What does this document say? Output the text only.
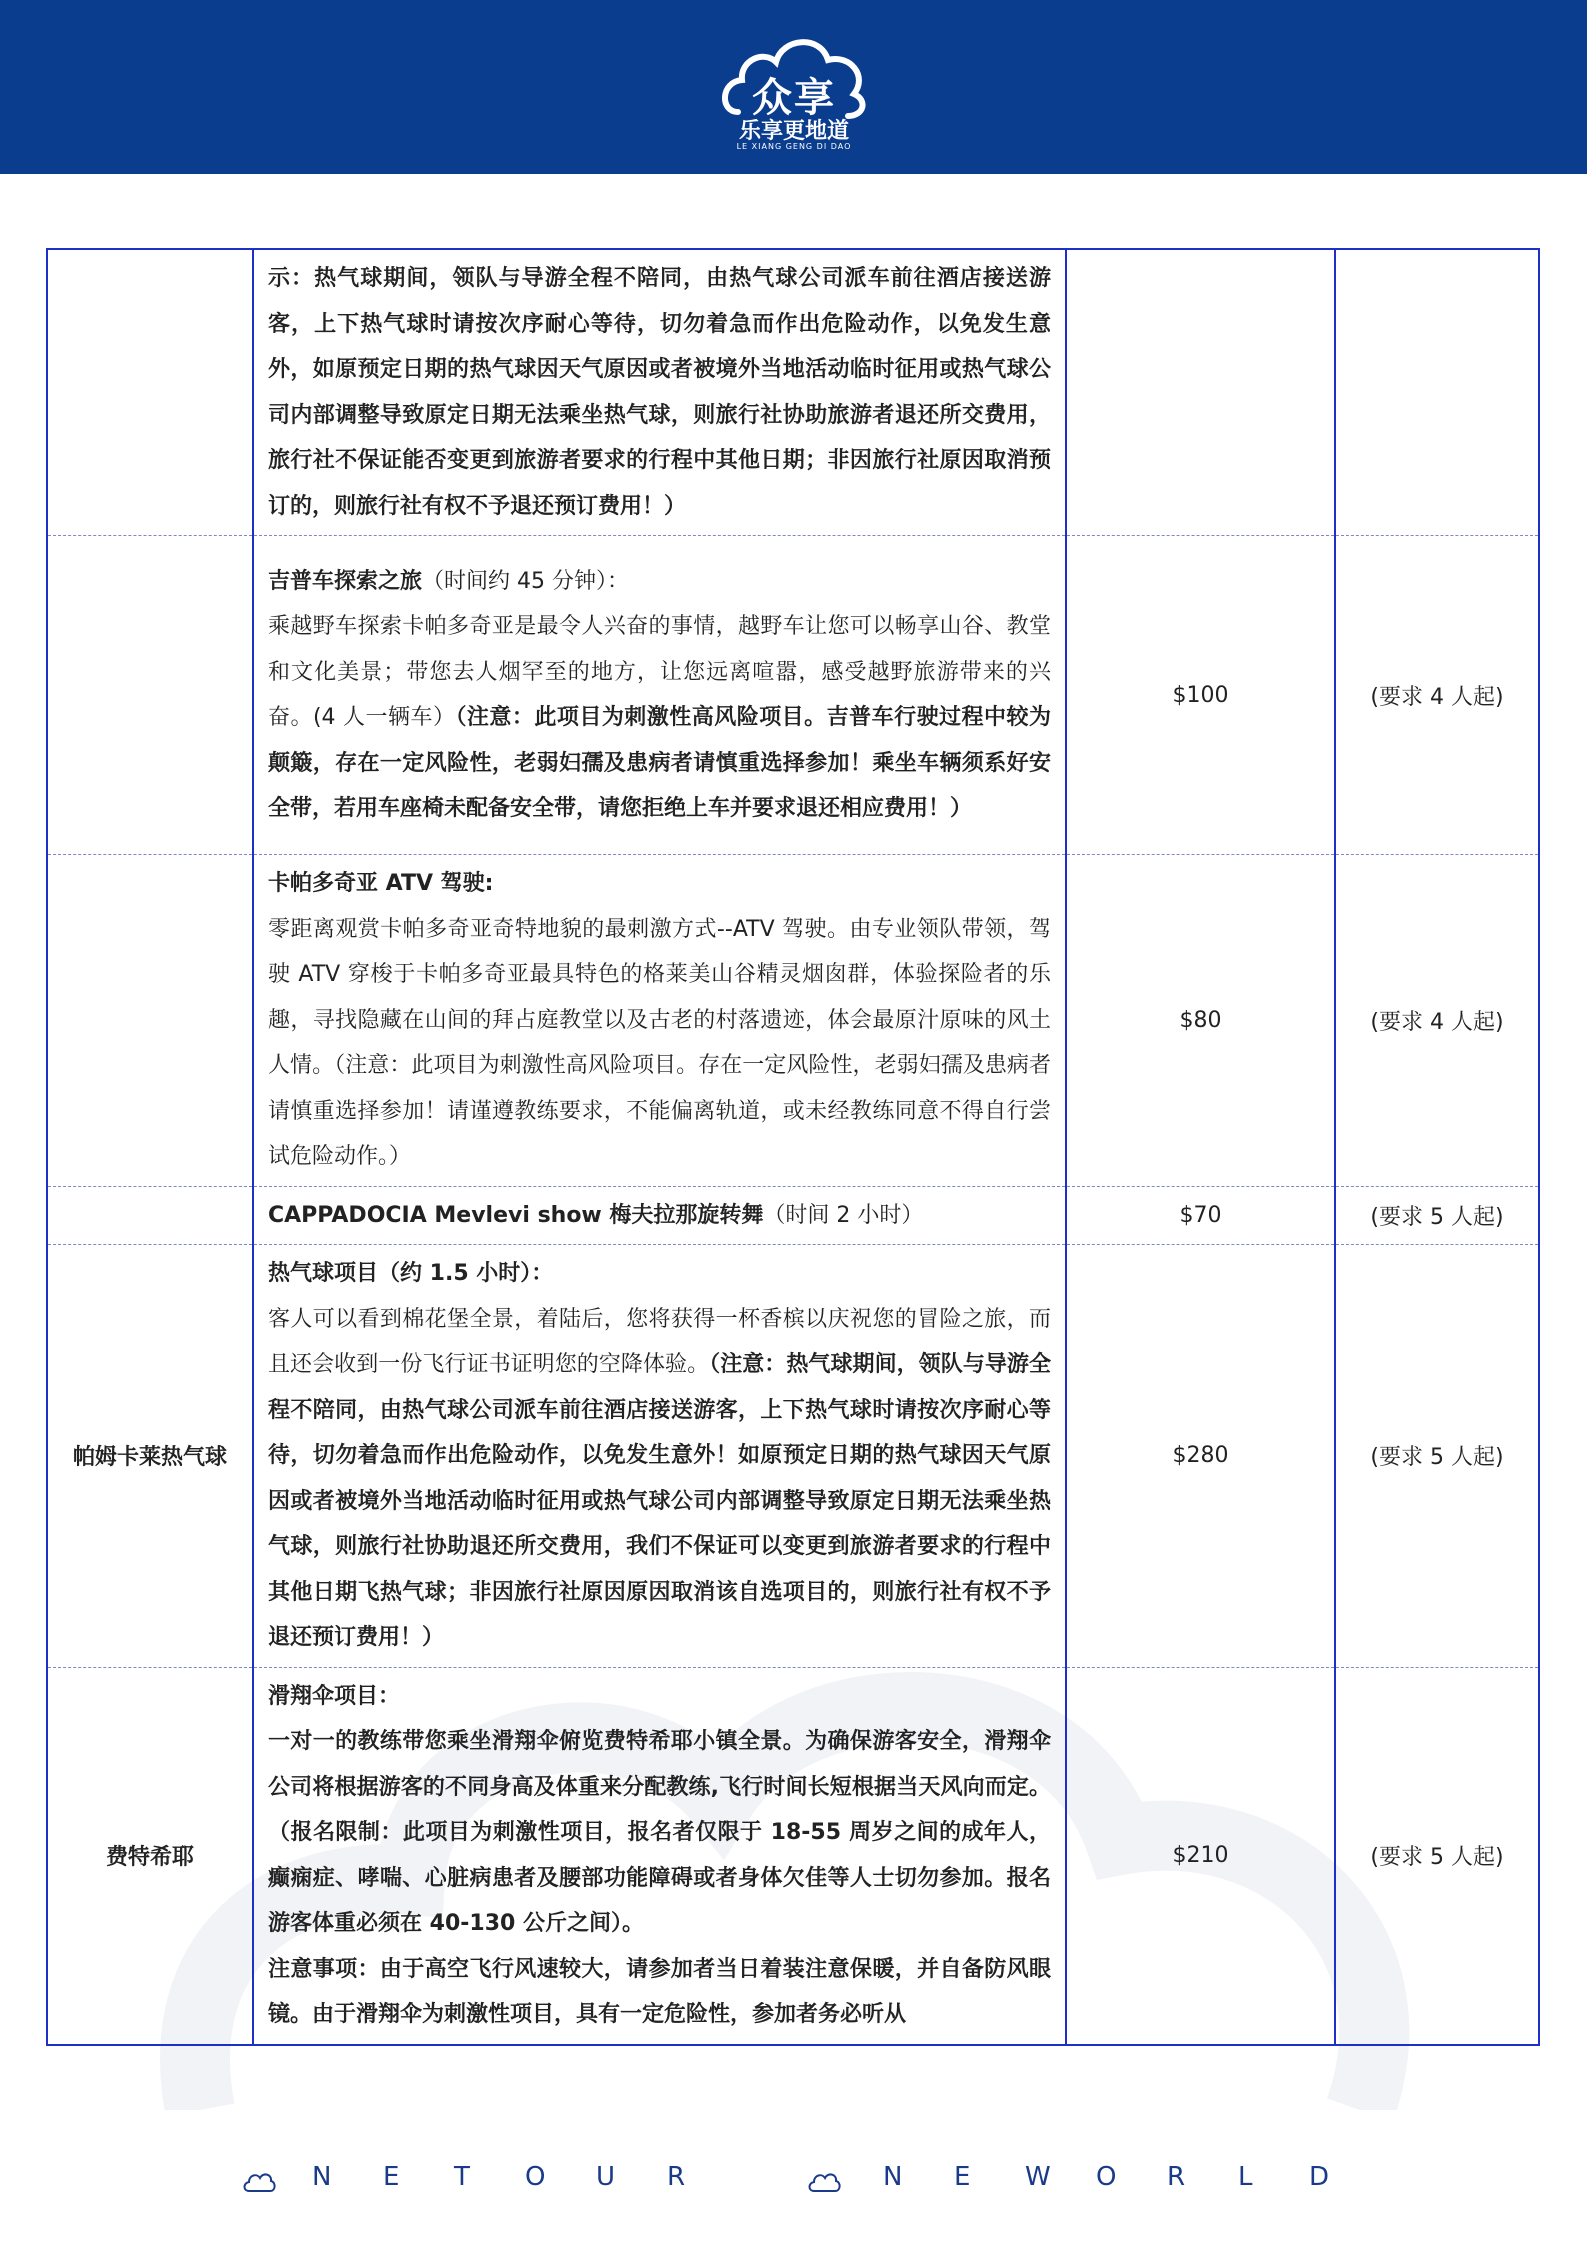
众享
乐享更地道
LE XIANG GENG DI DAO
	示：热气球期间，领队与导游全程不陪同，由热气球公司派车前往酒店接送游客，上下热气球时请按次序耐心等待，切勿着急而作出危险动作，以免发生意外，如原预定日期的热气球因天气原因或者被境外当地活动临时征用或热气球公司内部调整导致原定日期无法乘坐热气球，则旅行社协助旅游者退还所交费用，旅行社不保证能否变更到旅游者要求的行程中其他日期；非因旅行社原因取消预订的，则旅行社有权不予退还预订费用！）		
	吉普车探索之旅（时间约 45 分钟）：
乘越野车探索卡帕多奇亚是最令人兴奋的事情，越野车让您可以畅享山谷、教堂和文化美景；带您去人烟罕至的地方，让您远离喧嚣，感受越野旅游带来的兴奋。(4 人一辆车）（注意：此项目为刺激性高风险项目。吉普车行驶过程中较为颠簸，存在一定风险性，老弱妇孺及患病者请慎重选择参加！乘坐车辆须系好安全带，若用车座椅未配备安全带，请您拒绝上车并要求退还相应费用！）	$100	(要求 4 人起)
	卡帕多奇亚 ATV 驾驶:
零距离观赏卡帕多奇亚奇特地貌的最刺激方式--ATV 驾驶。由专业领队带领，驾驶 ATV 穿梭于卡帕多奇亚最具特色的格莱美山谷精灵烟囱群，体验探险者的乐趣，寻找隐藏在山间的拜占庭教堂以及古老的村落遗迹，体会最原汁原味的风土人情。（注意：此项目为刺激性高风险项目。存在一定风险性，老弱妇孺及患病者请慎重选择参加！请谨遵教练要求，不能偏离轨道，或未经教练同意不得自行尝试危险动作。）	$80	(要求 4 人起)
	CAPPADOCIA Mevlevi show 梅夫拉那旋转舞（时间 2 小时）	$70	(要求 5 人起)
帕姆卡莱热气球	热气球项目（约 1.5 小时）：
客人可以看到棉花堡全景，着陆后，您将获得一杯香槟以庆祝您的冒险之旅，而且还会收到一份飞行证书证明您的空降体验。（注意：热气球期间，领队与导游全程不陪同，由热气球公司派车前往酒店接送游客，上下热气球时请按次序耐心等待，切勿着急而作出危险动作，以免发生意外！如原预定日期的热气球因天气原因或者被境外当地活动临时征用或热气球公司内部调整导致原定日期无法乘坐热气球，则旅行社协助退还所交费用，我们不保证可以变更到旅游者要求的行程中其他日期飞热气球；非因旅行社原因原因取消该自选项目的，则旅行社有权不予退还预订费用！）	$280	(要求 5 人起)
费特希耶	滑翔伞项目：
一对一的教练带您乘坐滑翔伞俯览费特希耶小镇全景。为确保游客安全，滑翔伞公司将根据游客的不同身高及体重来分配教练,飞行时间长短根据当天风向而定。（报名限制：此项目为刺激性项目，报名者仅限于 18-55 周岁之间的成年人，癫痫症、哮喘、心脏病患者及腰部功能障碍或者身体欠佳等人士切勿参加。报名游客体重必须在 40-130 公斤之间）。
注意事项：由于高空飞行风速较大，请参加者当日着装注意保暖，并自备防风眼镜。由于滑翔伞为刺激性项目，具有一定危险性，参加者务必听从	$210	(要求 5 人起)
N E T O U R	N E W O R L D
